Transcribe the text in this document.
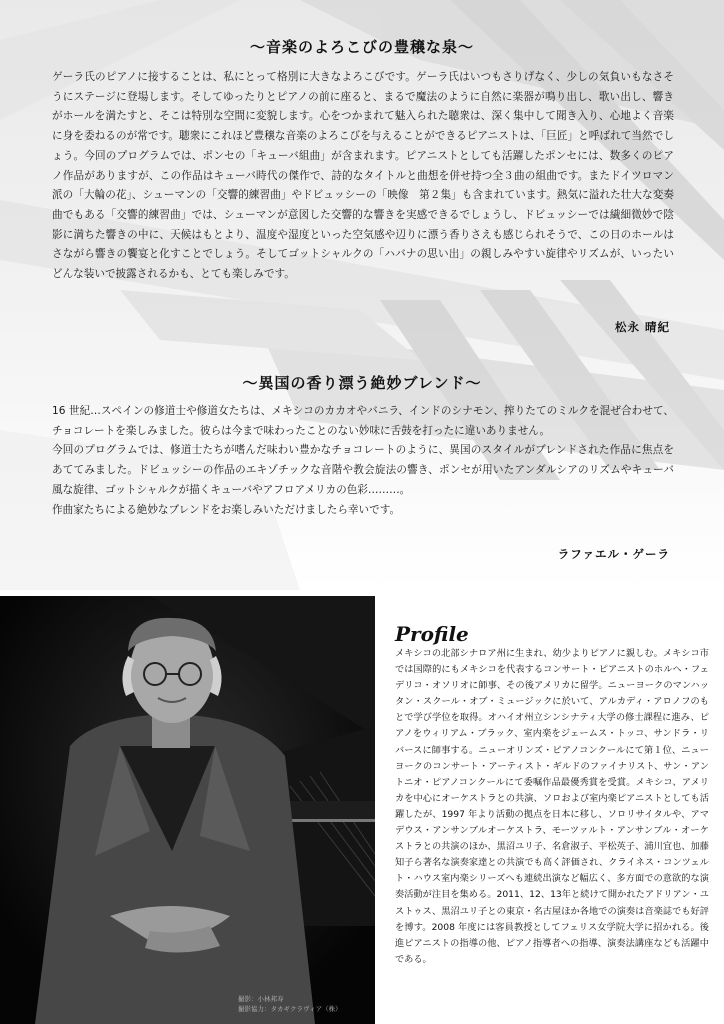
〜音楽のよろこびの豊穣な泉〜

ゲーラ氏のピアノに接することは、私にとって格別に大きなよろこびです。ゲーラ氏はいつもさりげなく、少しの気負いもなさそうにステージに登場します。そしてゆったりとピアノの前に座ると、まるで魔法のように自然に楽器が鳴り出し、歌い出し、響きがホールを満たすと、そこは特別な空間に変貌します。心をつかまれて魅入られた聴衆は、深く集中して聞き入り、心地よく音楽に身を委ねるのが常です。聴衆にこれほど豊穣な音楽のよろこびを与えることができるピアニストは、「巨匠」と呼ばれて当然でしょう。今回のプログラムでは、ポンセの「キューバ組曲」が含まれます。ピアニストとしても活躍したポンセには、数多くのピアノ作品がありますが、この作品はキューバ時代の傑作で、詩的なタイトルと曲想を併せ持つ全３曲の組曲です。またドイツロマン派の「大輪の花」、シューマンの「交響的練習曲」やドビュッシーの「映像　第２集」も含まれています。熱気に溢れた壮大な変奏曲でもある「交響的練習曲」では、シューマンが意図した交響的な響きを実感できるでしょうし、ドビュッシーでは繊細微妙で陰影に満ちた響きの中に、天候はもとより、温度や湿度といった空気感や辺りに漂う香りさえも感じられそうで、この日のホールはさながら響きの饗宴と化すことでしょう。そしてゴットシャルクの「ハバナの思い出」の親しみやすい旋律やリズムが、いったいどんな装いで披露されるかも、とても楽しみです。

松永 晴紀
〜異国の香り漂う絶妙ブレンド〜
16 世紀…スペインの修道士や修道女たちは、メキシコのカカオやバニラ、インドのシナモン、搾りたてのミルクを混ぜ合わせて、チョコレートを楽しみました。彼らは今まで味わったことのない妙味に舌鼓を打ったに違いありません。
今回のプログラムでは、修道士たちが嗜んだ味わい豊かなチョコレートのように、異国のスタイルがブレンドされた作品に焦点をあててみました。ドビュッシーの作品のエキゾチックな音階や教会旋法の響き、ポンセが用いたアンダルシアのリズムやキューバ風な旋律、ゴットシャルクが描くキューバやアフロアメリカの色彩………。
作曲家たちによる絶妙なブレンドをお楽しみいただけましたら幸いです。
ラファエル・ゲーラ
撮影：小林邦寿
撮影協力：タカギクラヴィア（株）
Profile

メキシコの北部シナロア州に生まれ、幼少よりピアノに親しむ。メキシコ市では国際的にもメキシコを代表するコンサート・ピアニストのホルヘ・フェデリコ・オソリオに師事、その後アメリカに留学。ニューヨークのマンハッタン・スクール・オブ・ミュージックに於いて、アルカディ・アロノフのもとで学び学位を取得。オハイオ州立シンシナティ大学の修士課程に進み、ピアノをウィリアム・ブラック、室内楽をジェームス・トッコ、サンドラ・リバースに師事する。ニューオリンズ・ピアノコンクールにて第１位、ニューヨークのコンサート・アーティスト・ギルドのファイナリスト、サン・アントニオ・ピアノコンクールにて委嘱作品最優秀賞を受賞。メキシコ、アメリカを中心にオーケストラとの共演、ソロおよび室内楽ピアニストとしても活躍したが、1997 年より活動の拠点を日本に移し、ソロリサイタルや、アマデウス・アンサンブルオーケストラ、モーツァルト・アンサンブル・オーケストラとの共演のほか、黒沼ユリ子、名倉淑子、平松英子、浦川宜也、加藤知子ら著名な演奏家達との共演でも高く評価され、クライネス・コンツェルト・ハウス室内楽シリーズへも連続出演など幅広く、多方面での意欲的な演奏活動が注目を集める。2011、12、13年と続けて開かれたアドリアン・ユストゥス、黒沼ユリ子との東京・名古屋ほか各地での演奏は音楽誌でも好評を博す。2008 年度には客員教授としてフェリス女学院大学に招かれる。後進ピアニストの指導の他、ピアノ指導者への指導、演奏法講座なども活躍中である。
